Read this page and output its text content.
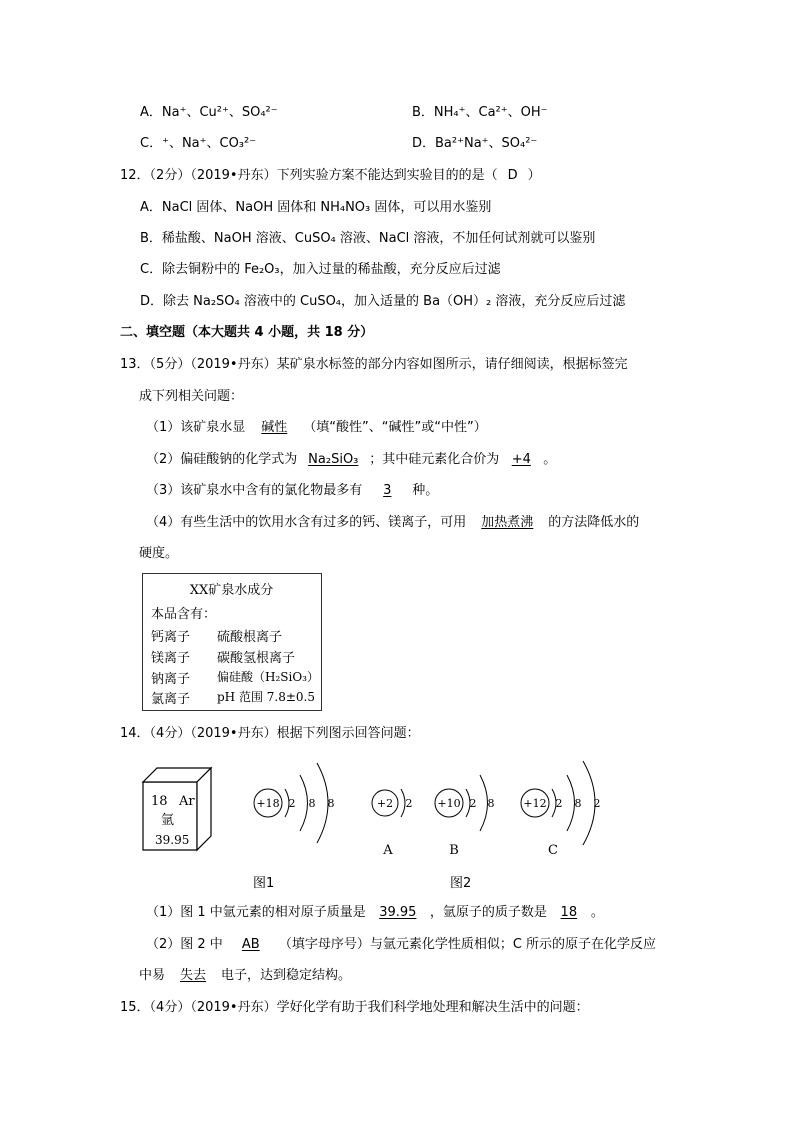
A．Na⁺、Cu²⁺、SO₄²⁻	B．NH₄⁺、Ca²⁺、OH⁻
C．⁺、Na⁺、CO₃²⁻	D．Ba²⁺Na⁺、SO₄²⁻
12．（2分）（2019•丹东）下列实验方案不能达到实验目的的是（ D ）
A．NaCl 固体、NaOH 固体和 NH₄NO₃ 固体，可以用水鉴别
B．稀盐酸、NaOH 溶液、CuSO₄ 溶液、NaCl 溶液，不加任何试剂就可以鉴别
C．除去铜粉中的 Fe₂O₃，加入过量的稀盐酸，充分反应后过滤
D．除去 Na₂SO₄ 溶液中的 CuSO₄，加入适量的 Ba（OH）₂ 溶液，充分反应后过滤
二、填空题（本大题共 4 小题，共 18 分）
13．（5分）（2019•丹东）某矿泉水标签的部分内容如图所示，请仔细阅读，根据标签完
成下列相关问题：
（1）该矿泉水显 碱性 （填“酸性”、“碱性”或“中性”）
（2）偏硅酸钠的化学式为 Na₂SiO₃ ；其中硅元素化合价为 +4 。
（3）该矿泉水中含有的氯化物最多有 3 种。
（4）有些生活中的饮用水含有过多的钙、镁离子，可用 加热煮沸 的方法降低水的
硬度。
XX矿泉水成分
本品含有：
钙离子 硫酸根离子
镁离子 碳酸氢根离子
钠离子 偏硅酸（H₂SiO₃）
氯离子 pH 范围 7.8±0.5
14．（4分）（2019•丹东）根据下列图示回答问题：
18 Ar
氩
39.95
+18 2 8 8	+2 2
A
+10 2 8
B
+12 2 8 2
C
图1	图2
（1）图 1 中氩元素的相对原子质量是 39.95 ，氩原子的质子数是 18 。
（2）图 2 中 AB （填字母序号）与氩元素化学性质相似；C 所示的原子在化学反应
中易 失去 电子，达到稳定结构。
15．（4分）（2019•丹东）学好化学有助于我们科学地处理和解决生活中的问题：
